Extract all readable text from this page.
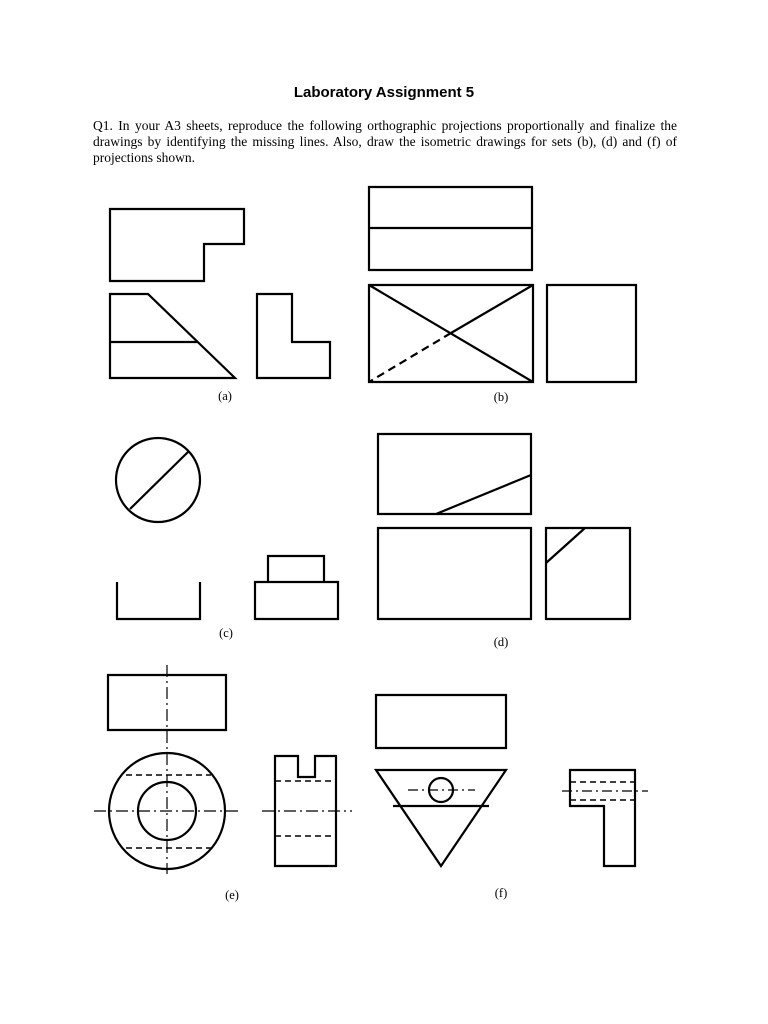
Laboratory Assignment 5
Q1. In your A3 sheets, reproduce the following orthographic projections proportionally and finalize the drawings by identifying the missing lines. Also, draw the isometric drawings for sets (b), (d) and (f) of projections shown.
(a)	(b)
(c)
(d)
(e)	(f)
